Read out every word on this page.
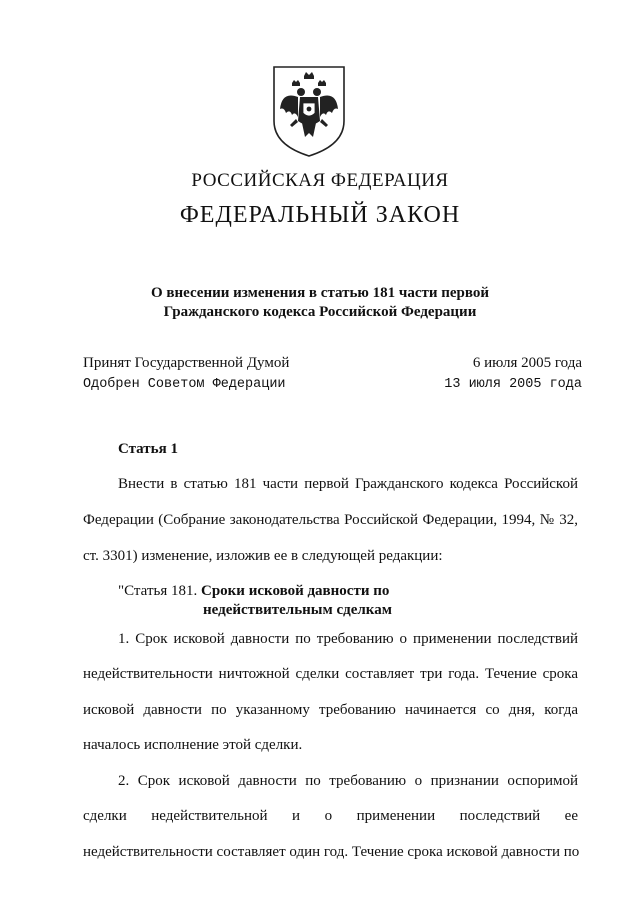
РОССИЙСКАЯ ФЕДЕРАЦИЯ
ФЕДЕРАЛЬНЫЙ ЗАКОН
О внесении изменения в статью 181 части первой
Гражданского кодекса Российской Федерации
Принят Государственной Думой	6 июля 2005 года
Одобрен Советом Федерации	13 июля 2005 года
Статья 1
Внести в статью 181 части первой Гражданского кодекса Российской
Федерации (Собрание законодательства Российской Федерации, 1994, № 32,
ст. 3301) изменение, изложив ее в следующей редакции:
"Статья 181. Сроки исковой давности по
недействительным сделкам
1. Срок исковой давности по требованию о применении последствий
недействительности ничтожной сделки составляет три года. Течение срока
исковой давности по указанному требованию начинается со дня, когда
началось исполнение этой сделки.
2. Срок исковой давности по требованию о признании оспоримой
сделки недействительной и о применении последствий ее
недействительности составляет один год. Течение срока исковой давности по
